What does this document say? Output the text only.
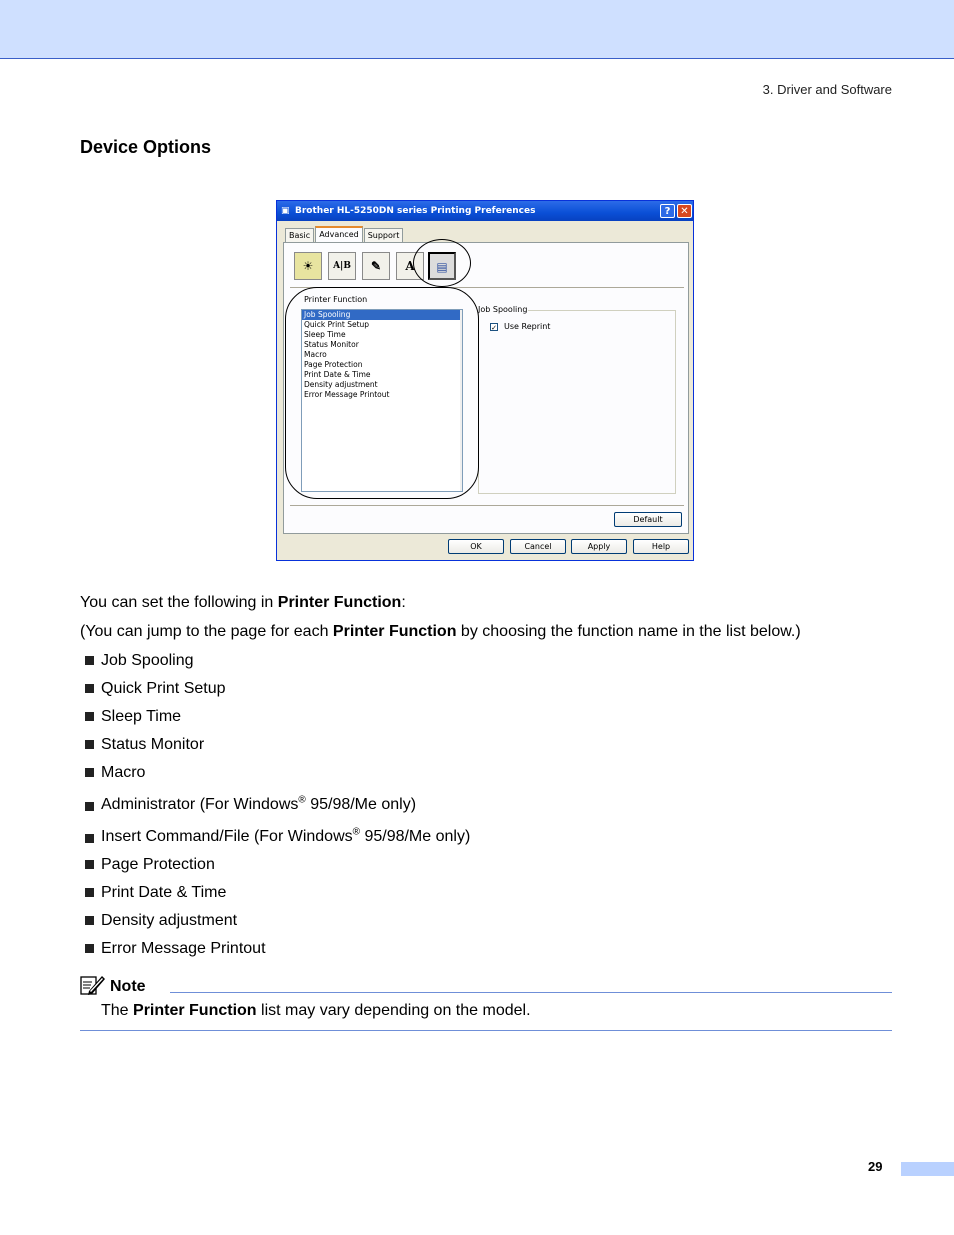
3. Driver and Software
Device Options
▣ Brother HL-5250DN series Printing Preferences	? ✕
Basic	Advanced	Support
☀	A|B	✎	A	▤
Printer Function
Job Spooling
Quick Print Setup
Sleep Time
Status Monitor
Macro
Page Protection
Print Date & Time
Density adjustment
Error Message Printout
Job Spooling
✓ Use Reprint
Default
OK	Cancel	Apply	Help
You can set the following in Printer Function:
(You can jump to the page for each Printer Function by choosing the function name in the list below.)
Job Spooling
Quick Print Setup
Sleep Time
Status Monitor
Macro
Administrator (For Windows® 95/98/Me only)
Insert Command/File (For Windows® 95/98/Me only)
Page Protection
Print Date & Time
Density adjustment
Error Message Printout
Note
The Printer Function list may vary depending on the model.
29
